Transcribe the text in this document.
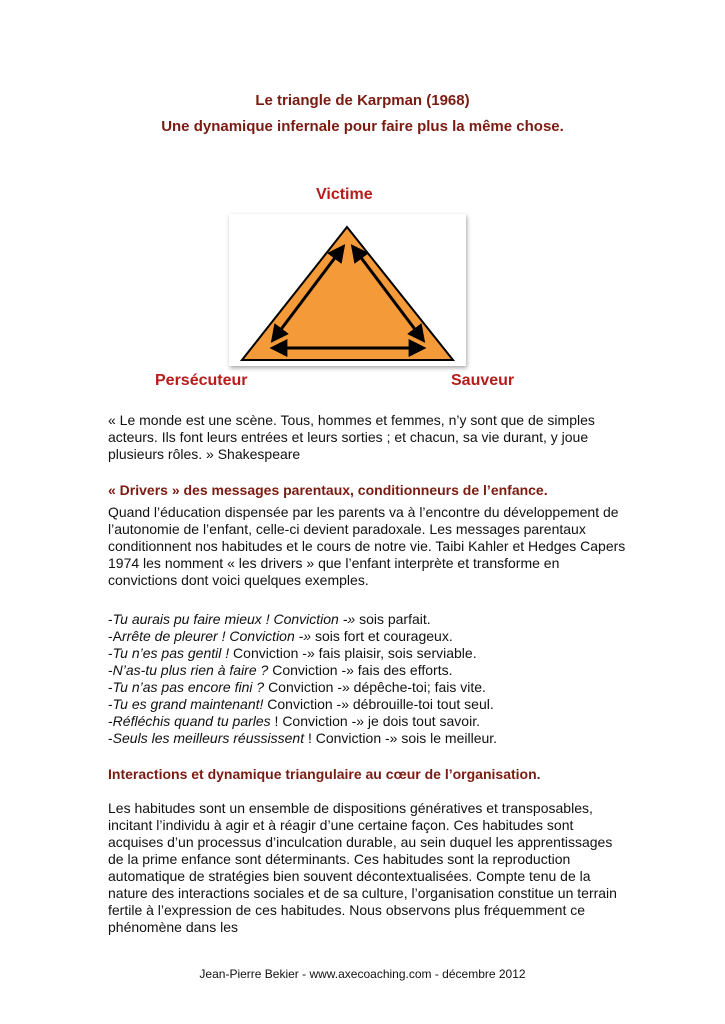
Le triangle de Karpman (1968)
Une dynamique infernale pour faire plus la même chose.
Victime
Persécuteur	Sauveur
« Le monde est une scène. Tous, hommes et femmes, n’y sont que de simples acteurs. Ils font leurs entrées et leurs sorties ; et chacun, sa vie durant, y joue plusieurs rôles. » Shakespeare
« Drivers » des messages parentaux, conditionneurs de l’enfance.
Quand l’éducation dispensée par les parents va à l’encontre du développement de l’autonomie de l’enfant, celle-ci devient paradoxale. Les messages parentaux conditionnent nos habitudes et le cours de notre vie. Taibi Kahler et Hedges Capers 1974 les nomment « les drivers » que l’enfant interprète et transforme en convictions dont voici quelques exemples.
-Tu aurais pu faire mieux ! Conviction -» sois parfait.
-Arrête de pleurer ! Conviction -» sois fort et courageux.
-Tu n’es pas gentil ! Conviction -» fais plaisir, sois serviable.
-N’as-tu plus rien à faire ? Conviction -» fais des efforts.
-Tu n’as pas encore fini ? Conviction -» dépêche-toi; fais vite.
-Tu es grand maintenant! Conviction -» débrouille-toi tout seul.
-Réfléchis quand tu parles ! Conviction -» je dois tout savoir.
-Seuls les meilleurs réussissent ! Conviction -» sois le meilleur.
Interactions et dynamique triangulaire au cœur de l’organisation.
Les habitudes sont un ensemble de dispositions génératives et transposables, incitant l’individu à agir et à réagir d’une certaine façon. Ces habitudes sont acquises d’un processus d’inculcation durable, au sein duquel les apprentissages de la prime enfance sont déterminants. Ces habitudes sont la reproduction automatique de stratégies bien souvent décontextualisées. Compte tenu de la nature des interactions sociales et de sa culture, l’organisation constitue un terrain fertile à l’expression de ces habitudes. Nous observons plus fréquemment ce phénomène dans les
Jean-Pierre Bekier - www.axecoaching.com - décembre 2012
